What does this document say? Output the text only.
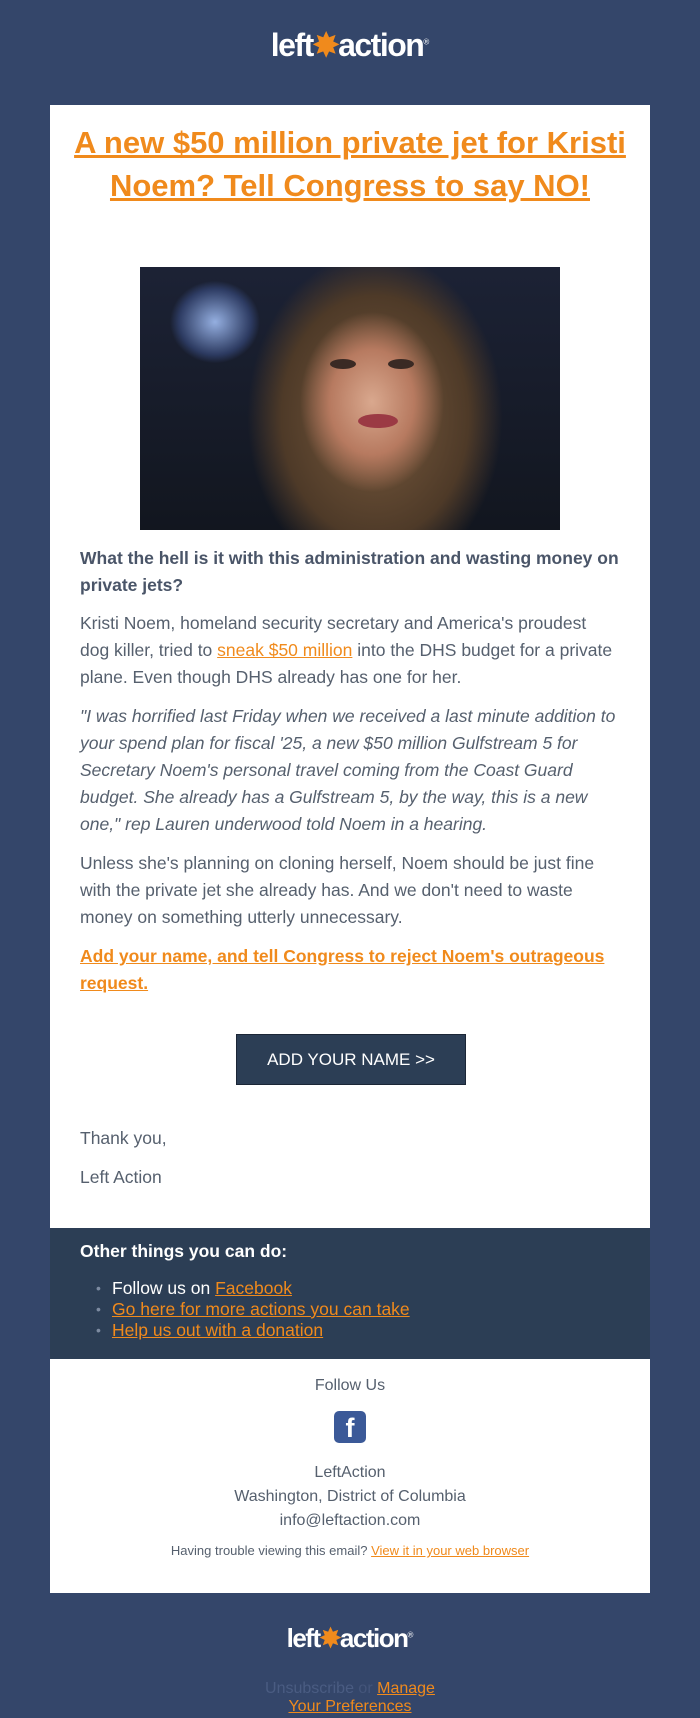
left✸action®
A new $50 million private jet for Kristi Noem? Tell Congress to say NO!
What the hell is it with this administration and wasting money on private jets?
Kristi Noem, homeland security secretary and America's proudest dog killer, tried to sneak $50 million into the DHS budget for a private plane. Even though DHS already has one for her.
"I was horrified last Friday when we received a last minute addition to your spend plan for fiscal '25, a new $50 million Gulfstream 5 for Secretary Noem's personal travel coming from the Coast Guard budget. She already has a Gulfstream 5, by the way, this is a new one," rep Lauren underwood told Noem in a hearing.
Unless she's planning on cloning herself, Noem should be just fine with the private jet she already has. And we don't need to waste money on something utterly unnecessary.
Add your name, and tell Congress to reject Noem's outrageous request.
ADD YOUR NAME >>
Thank you,
Left Action
Other things you can do:
• Follow us on Facebook
• Go here for more actions you can take
• Help us out with a donation
Follow Us
f
LeftAction
Washington, District of Columbia
info@leftaction.com
Having trouble viewing this email? View it in your web browser
left✸action®
Unsubscribe or Manage
Your Preferences
